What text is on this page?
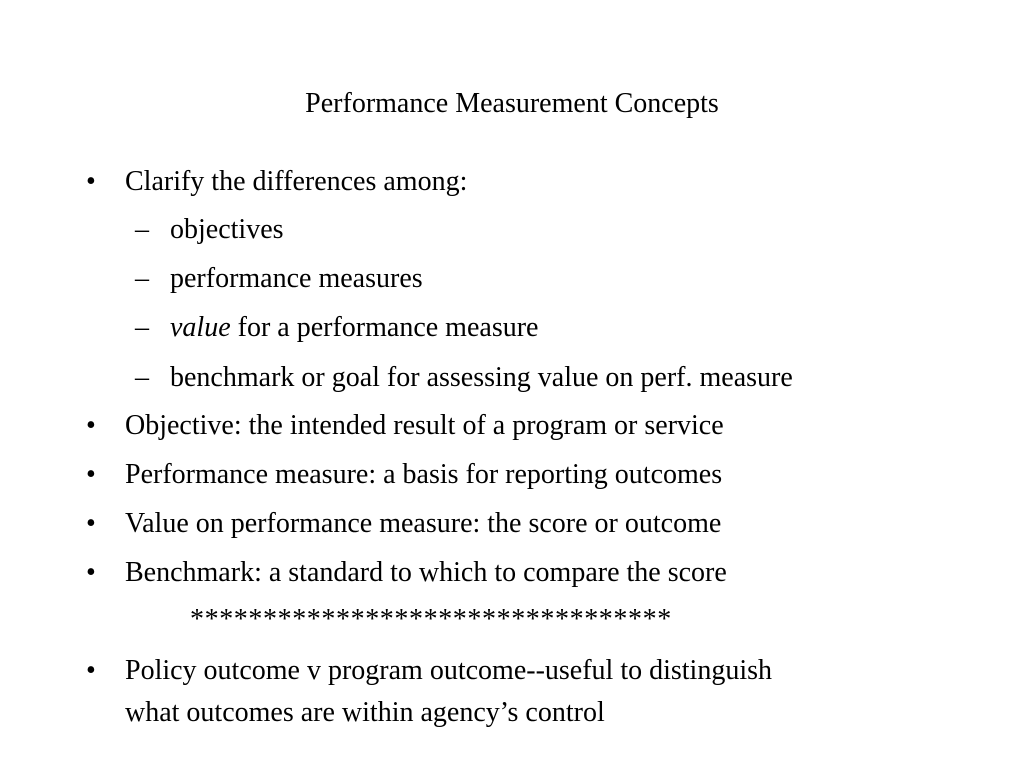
Performance Measurement Concepts
• Clarify the differences among:
– objectives
– performance measures
– value for a performance measure
– benchmark or goal for assessing value on perf. measure
• Objective: the intended result of a program or service
• Performance measure: a basis for reporting outcomes
• Value on performance measure: the score or outcome
• Benchmark: a standard to which to compare the score
*********************************
• Policy outcome v program outcome--useful to distinguish
what outcomes are within agency’s control
